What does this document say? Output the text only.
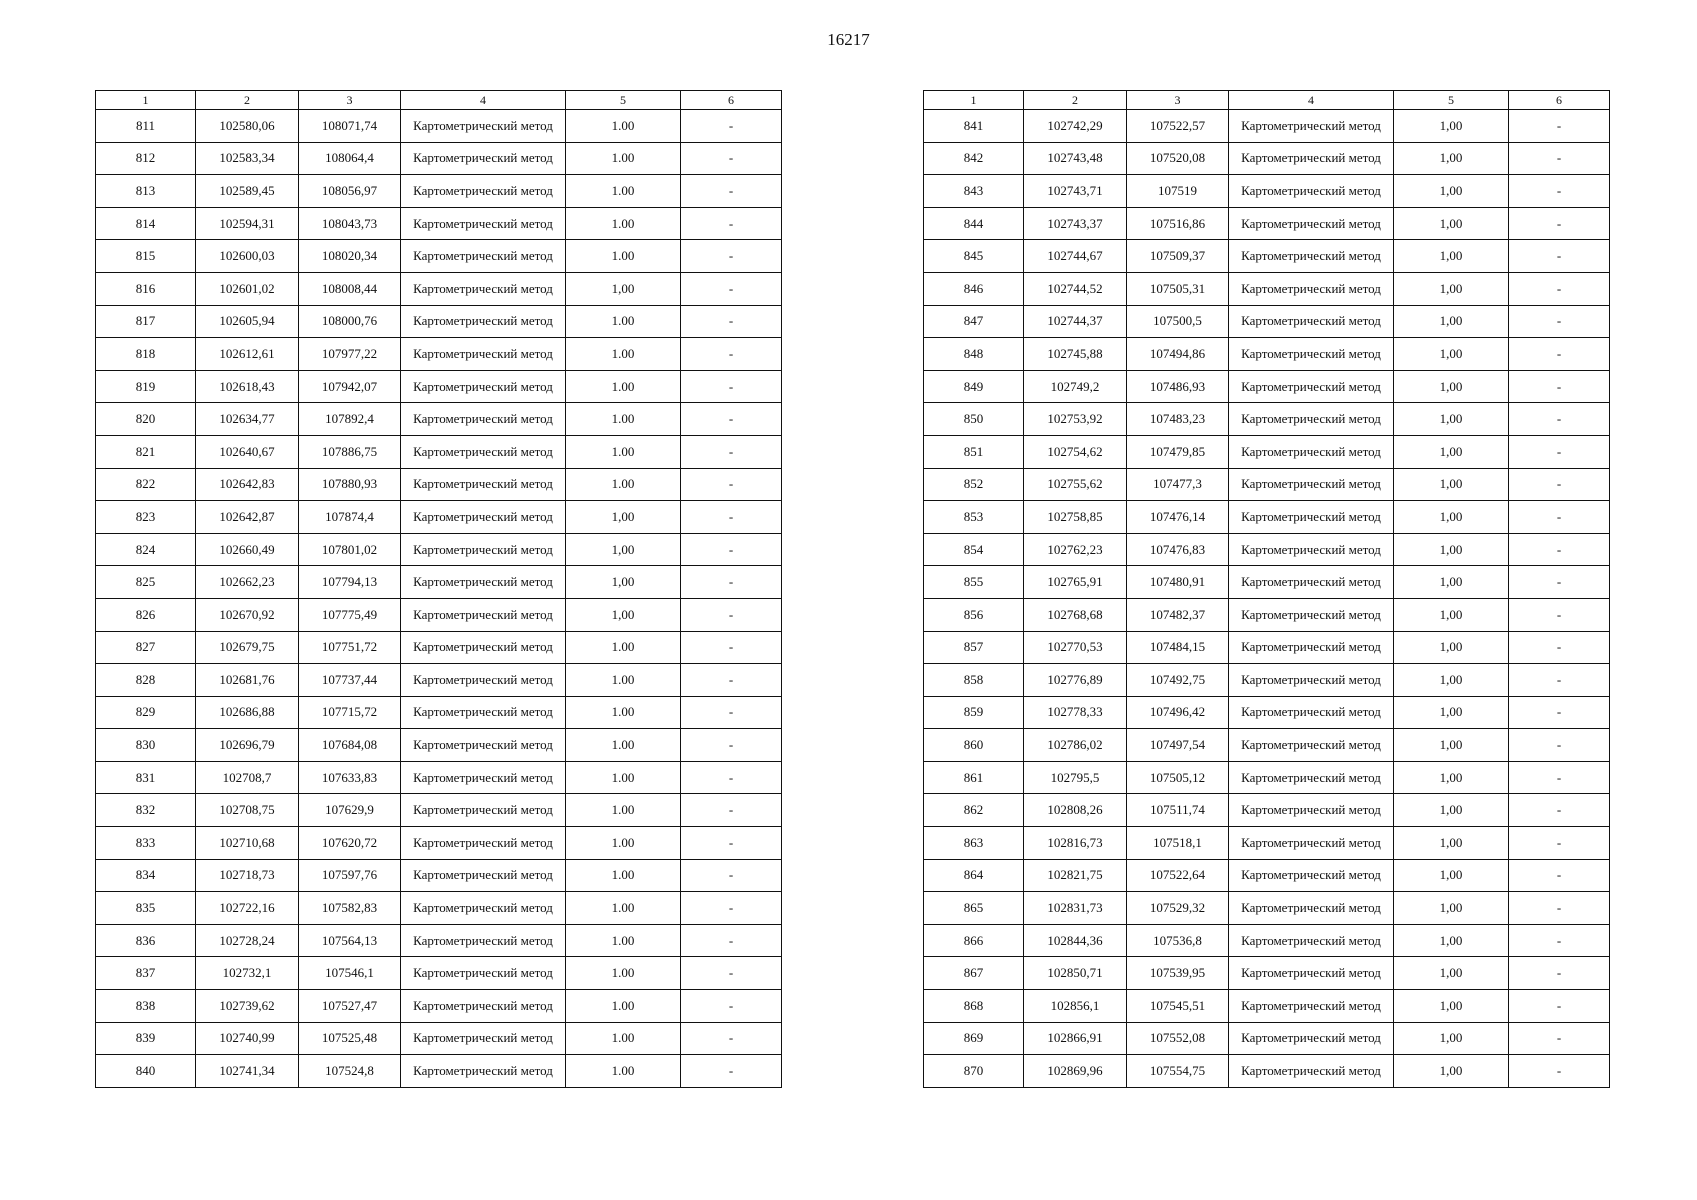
16217
1	2	3	4	5	6
811	102580,06	108071,74	Картометрический метод	1.00	-
812	102583,34	108064,4	Картометрический метод	1.00	-
813	102589,45	108056,97	Картометрический метод	1.00	-
814	102594,31	108043,73	Картометрический метод	1.00	-
815	102600,03	108020,34	Картометрический метод	1.00	-
816	102601,02	108008,44	Картометрический метод	1,00	-
817	102605,94	108000,76	Картометрический метод	1.00	-
818	102612,61	107977,22	Картометрический метод	1.00	-
819	102618,43	107942,07	Картометрический метод	1.00	-
820	102634,77	107892,4	Картометрический метод	1.00	-
821	102640,67	107886,75	Картометрический метод	1.00	-
822	102642,83	107880,93	Картометрический метод	1.00	-
823	102642,87	107874,4	Картометрический метод	1,00	-
824	102660,49	107801,02	Картометрический метод	1,00	-
825	102662,23	107794,13	Картометрический метод	1,00	-
826	102670,92	107775,49	Картометрический метод	1,00	-
827	102679,75	107751,72	Картометрический метод	1.00	-
828	102681,76	107737,44	Картометрический метод	1.00	-
829	102686,88	107715,72	Картометрический метод	1.00	-
830	102696,79	107684,08	Картометрический метод	1.00	-
831	102708,7	107633,83	Картометрический метод	1.00	-
832	102708,75	107629,9	Картометрический метод	1.00	-
833	102710,68	107620,72	Картометрический метод	1.00	-
834	102718,73	107597,76	Картометрический метод	1.00	-
835	102722,16	107582,83	Картометрический метод	1.00	-
836	102728,24	107564,13	Картометрический метод	1.00	-
837	102732,1	107546,1	Картометрический метод	1.00	-
838	102739,62	107527,47	Картометрический метод	1.00	-
839	102740,99	107525,48	Картометрический метод	1.00	-
840	102741,34	107524,8	Картометрический метод	1.00	-
1	2	3	4	5	6
841	102742,29	107522,57	Картометрический метод	1,00	-
842	102743,48	107520,08	Картометрический метод	1,00	-
843	102743,71	107519	Картометрический метод	1,00	-
844	102743,37	107516,86	Картометрический метод	1,00	-
845	102744,67	107509,37	Картометрический метод	1,00	-
846	102744,52	107505,31	Картометрический метод	1,00	-
847	102744,37	107500,5	Картометрический метод	1,00	-
848	102745,88	107494,86	Картометрический метод	1,00	-
849	102749,2	107486,93	Картометрический метод	1,00	-
850	102753,92	107483,23	Картометрический метод	1,00	-
851	102754,62	107479,85	Картометрический метод	1,00	-
852	102755,62	107477,3	Картометрический метод	1,00	-
853	102758,85	107476,14	Картометрический метод	1,00	-
854	102762,23	107476,83	Картометрический метод	1,00	-
855	102765,91	107480,91	Картометрический метод	1,00	-
856	102768,68	107482,37	Картометрический метод	1,00	-
857	102770,53	107484,15	Картометрический метод	1,00	-
858	102776,89	107492,75	Картометрический метод	1,00	-
859	102778,33	107496,42	Картометрический метод	1,00	-
860	102786,02	107497,54	Картометрический метод	1,00	-
861	102795,5	107505,12	Картометрический метод	1,00	-
862	102808,26	107511,74	Картометрический метод	1,00	-
863	102816,73	107518,1	Картометрический метод	1,00	-
864	102821,75	107522,64	Картометрический метод	1,00	-
865	102831,73	107529,32	Картометрический метод	1,00	-
866	102844,36	107536,8	Картометрический метод	1,00	-
867	102850,71	107539,95	Картометрический метод	1,00	-
868	102856,1	107545,51	Картометрический метод	1,00	-
869	102866,91	107552,08	Картометрический метод	1,00	-
870	102869,96	107554,75	Картометрический метод	1,00	-
